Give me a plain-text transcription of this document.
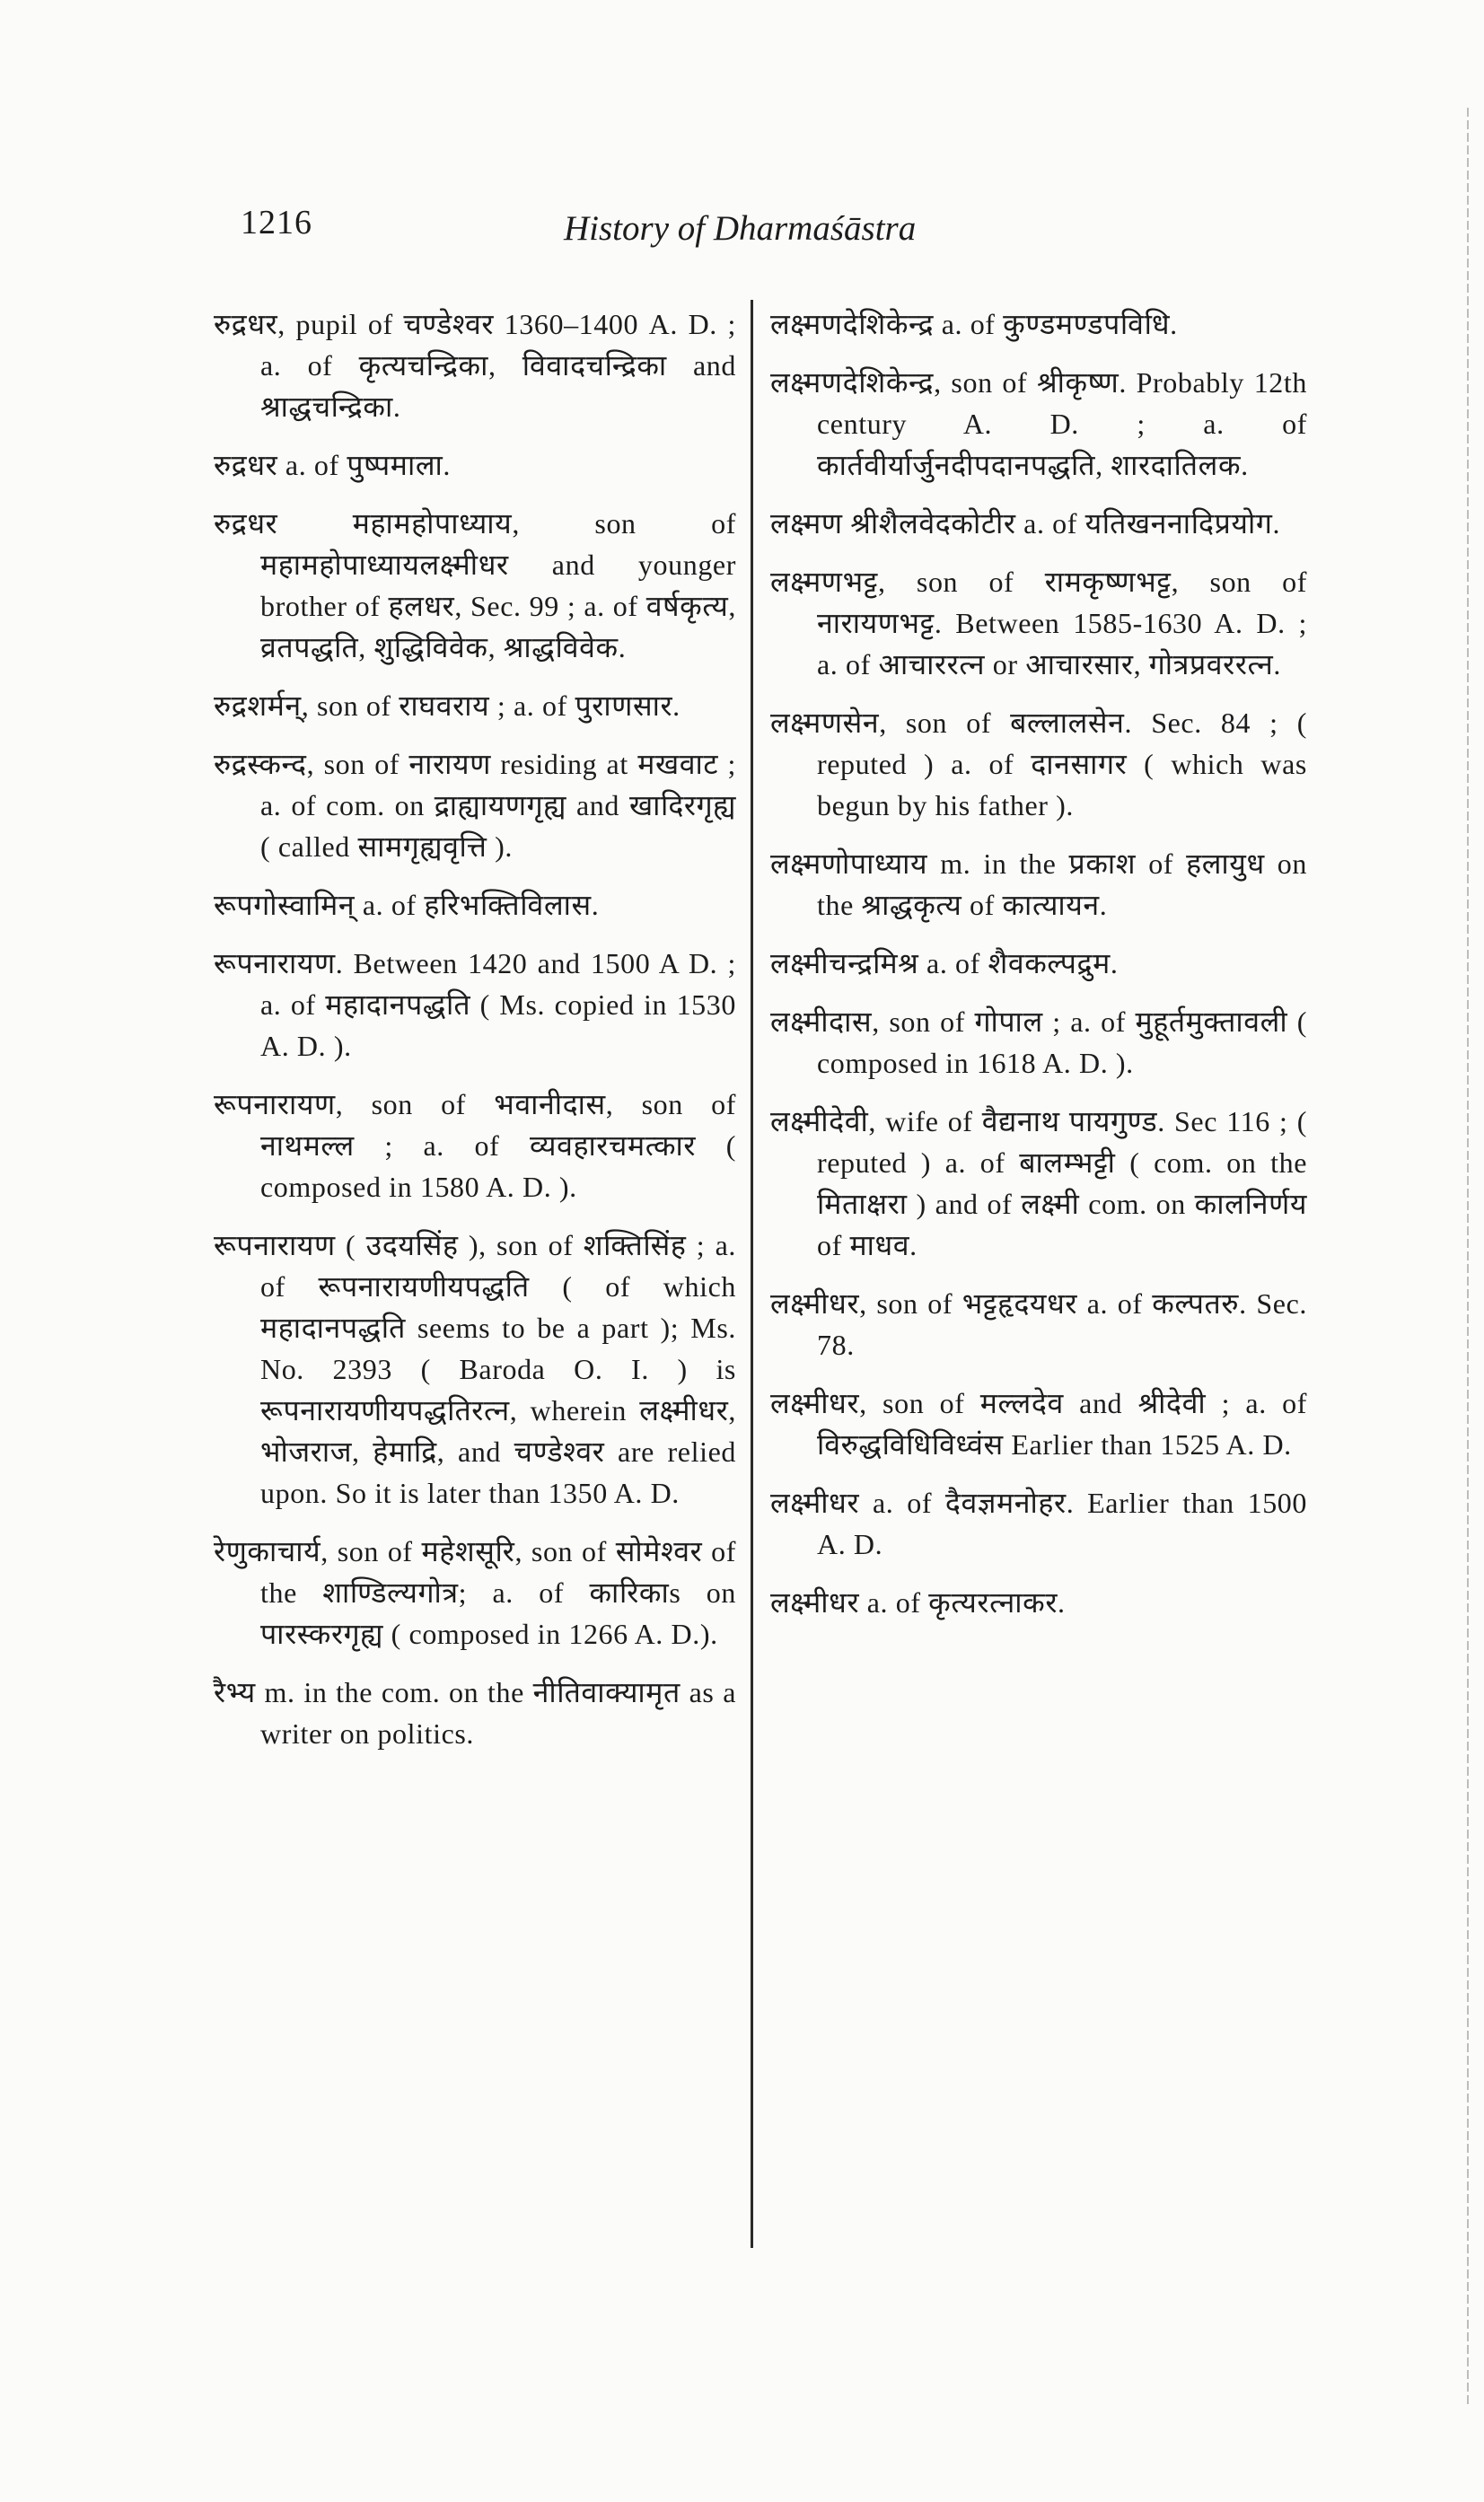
1216	History of Dharmaśāstra

रुद्रधर, pupil of चण्डेश्वर 1360–1400 A. D. ; a. of कृत्यचन्द्रिका, विवादचन्द्रिका and श्राद्धचन्द्रिका.

रुद्रधर a. of पुष्पमाला.

रुद्रधर महामहोपाध्याय, son of महामहोपाध्यायलक्ष्मीधर and younger brother of हलधर, Sec. 99 ; a. of वर्षकृत्य, व्रतपद्धति, शुद्धिविवेक, श्राद्धविवेक.

रुद्रशर्मन्, son of राघवराय ; a. of पुराणसार.

रुद्रस्कन्द, son of नारायण residing at मखवाट ; a. of com. on द्राह्यायणगृह्य and खादिरगृह्य ( called सामगृह्यवृत्ति ).

रूपगोस्वामिन् a. of हरिभक्तिविलास.

रूपनारायण. Between 1420 and 1500 A D. ; a. of महादानपद्धति ( Ms. copied in 1530 A. D. ).

रूपनारायण, son of भवानीदास, son of नाथमल्ल ; a. of व्यवहारचमत्कार ( composed in 1580 A. D. ).

रूपनारायण ( उदयसिंह ), son of शक्तिसिंह ; a. of रूपनारायणीयपद्धति ( of which महादानपद्धति seems to be a part ); Ms. No. 2393 ( Baroda O. I. ) is रूपनारायणीयपद्धतिरत्न, wherein लक्ष्मीधर, भोजराज, हेमाद्रि, and चण्डेश्वर are relied upon. So it is later than 1350 A. D.

रेणुकाचार्य, son of महेशसूरि, son of सोमेश्वर of the शाण्डिल्यगोत्र; a. of कारिकाs on पारस्करगृह्य ( composed in 1266 A. D.).

रैभ्य m. in the com. on the नीतिवाक्यामृत as a writer on politics.

लक्ष्मणदेशिकेन्द्र a. of कुण्डमण्डपविधि.

लक्ष्मणदेशिकेन्द्र, son of श्रीकृष्ण. Probably 12th century A. D. ; a. of कार्तवीर्यार्जुनदीपदानपद्धति, शारदातिलक.

लक्ष्मण श्रीशैलवेदकोटीर a. of यतिखननादिप्रयोग.

लक्ष्मणभट्ट, son of रामकृष्णभट्ट, son of नारायणभट्ट. Between 1585-1630 A. D. ; a. of आचाररत्न or आचारसार, गोत्रप्रवररत्न.

लक्ष्मणसेन, son of बल्लालसेन. Sec. 84 ; ( reputed ) a. of दानसागर ( which was begun by his father ).

लक्ष्मणोपाध्याय m. in the प्रकाश of हलायुध on the श्राद्धकृत्य of कात्यायन.

लक्ष्मीचन्द्रमिश्र a. of शैवकल्पद्रुम.

लक्ष्मीदास, son of गोपाल ; a. of मुहूर्तमुक्तावली ( composed in 1618 A. D. ).

लक्ष्मीदेवी, wife of वैद्यनाथ पायगुण्ड. Sec 116 ; ( reputed ) a. of बालम्भट्टी ( com. on the मिताक्षरा ) and of लक्ष्मी com. on कालनिर्णय of माधव.

लक्ष्मीधर, son of भट्टहृदयधर a. of कल्पतरु. Sec. 78.

लक्ष्मीधर, son of मल्लदेव and श्रीदेवी ; a. of विरुद्धविधिविध्वंस Earlier than 1525 A. D.

लक्ष्मीधर a. of दैवज्ञमनोहर. Earlier than 1500 A. D.

लक्ष्मीधर a. of कृत्यरत्नाकर.
